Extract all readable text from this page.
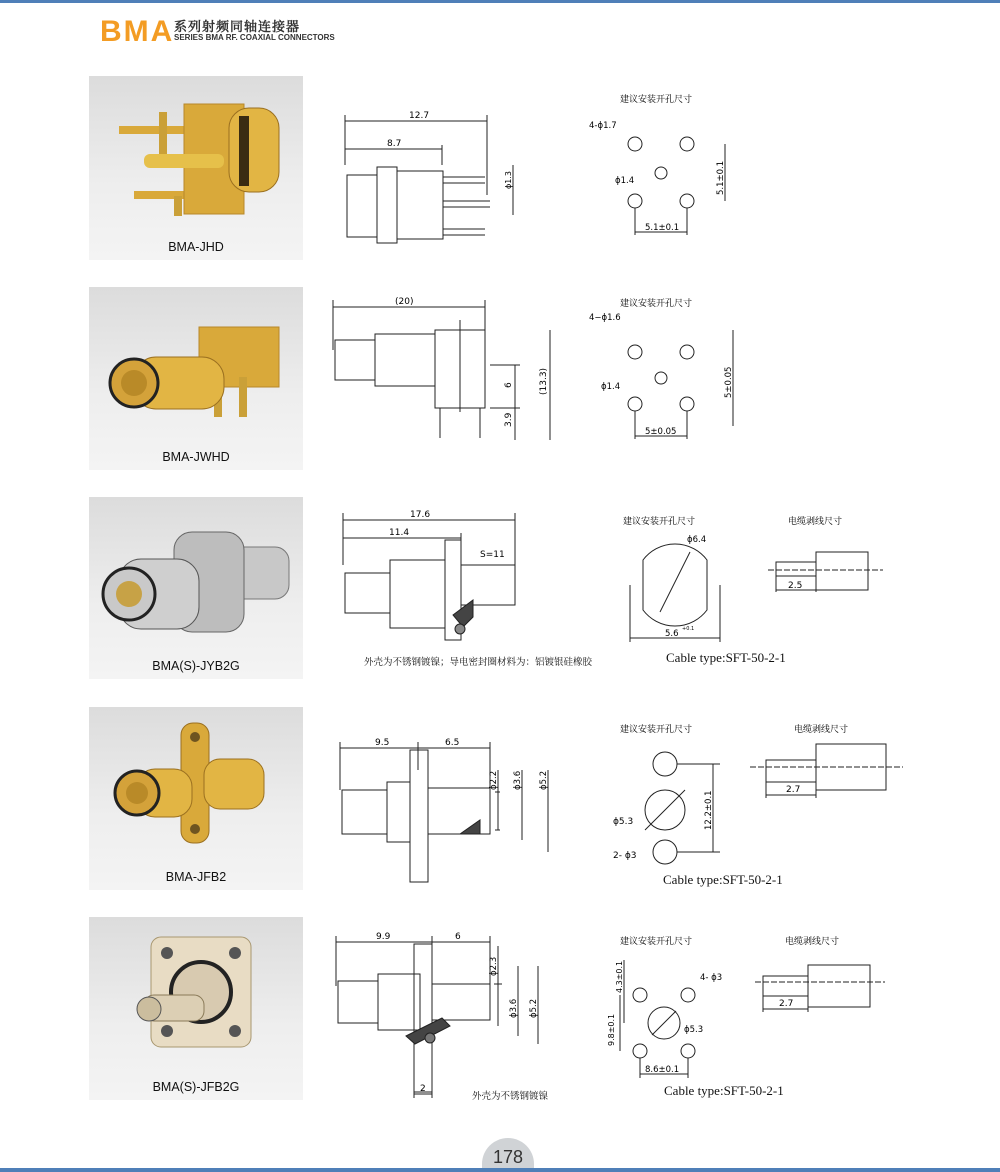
BMA 系列射频同轴连接器
SERIES BMA RF. COAXIAL CONNECTORS
BMA-JHD
12.7
8.7
ϕ1.3
建议安装开孔尺寸
4-ϕ1.7
ϕ1.4
5.1±0.1
5.1±0.1
BMA-JWHD
(20)
6
3.9
(13.3)
建议安装开孔尺寸
4−ϕ1.6
ϕ1.4
5±0.05
5±0.05
BMA(S)-JYB2G
17.6
11.4
S=11
外壳为不锈钢镀镍；导电密封圈材料为：铝镀银硅橡胶
建议安装开孔尺寸
ϕ6.4
5.6 +0.1
电缆剥线尺寸
2.5
Cable type:SFT-50-2-1
BMA-JFB2
9.5	6.5
ϕ2.2 ϕ3.6 ϕ5.2
建议安装开孔尺寸
ϕ5.3
2- ϕ3
12.2±0.1
电缆剥线尺寸
2.7
Cable type:SFT-50-2-1
BMA(S)-JFB2G
9.9	6
ϕ2.3
ϕ3.6 ϕ5.2
2
外壳为不锈钢镀镍
建议安装开孔尺寸
4- ϕ3
ϕ5.3
4.3±0.1
9.8±0.1
8.6±0.1
电缆剥线尺寸
2.7
Cable type:SFT-50-2-1
178
